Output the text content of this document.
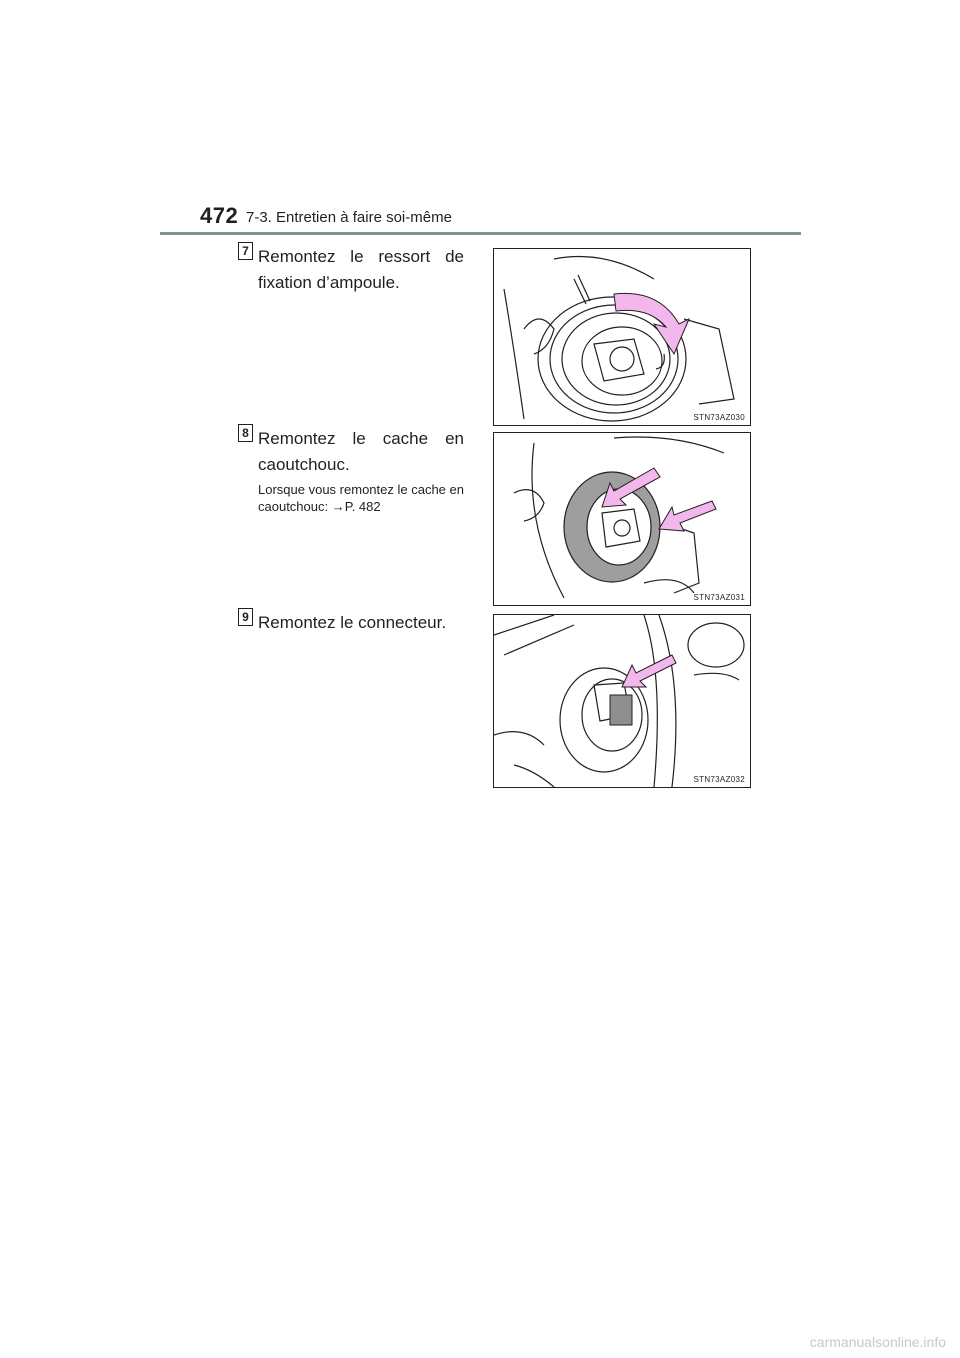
472 7-3. Entretien à faire soi-même
7 Remontez le ressort de fixation d’ampoule.
STN73AZ030
8 Remontez le cache en caoutchouc.
Lorsque vous remontez le cache en caoutchouc: →P. 482
STN73AZ031
9 Remontez le connecteur.
STN73AZ032
carmanualsonline.info
